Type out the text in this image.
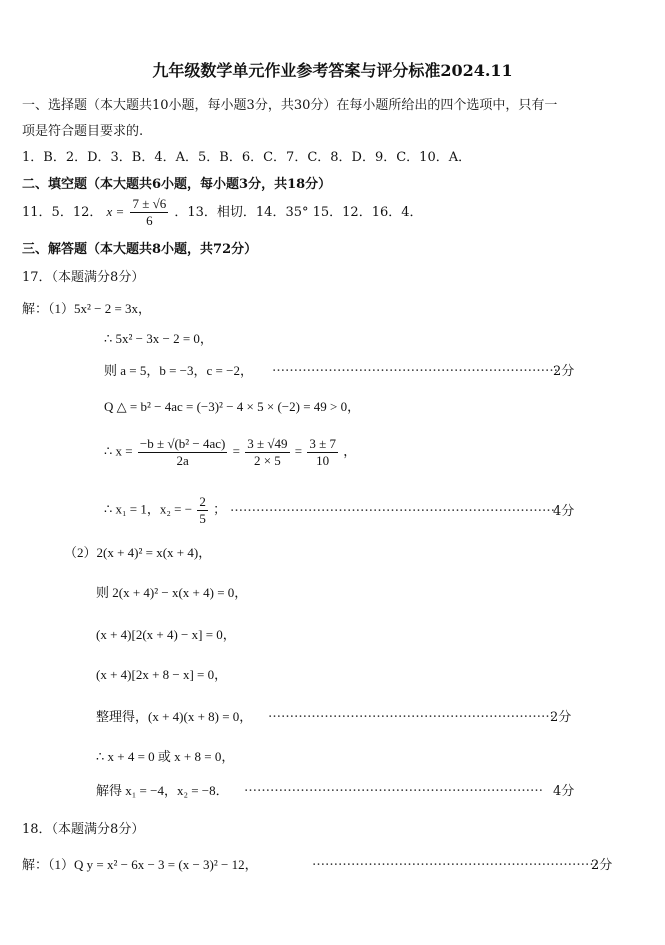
九年级数学单元作业参考答案与评分标准2024.11
一、选择题（本大题共10小题，每小题3分，共30分）在每小题所给出的四个选项中，只有一
项是符合题目要求的.
1．B．2．D．3．B．4．A．5．B．6．C．7．C．8．D．9．C．10．A．
二、填空题（本大题共6小题，每小题3分，共18分）
11．5．12． $x = \frac{7 \pm √6}{6}$ ．13．相切．14．35° 15．12．16．4．
三、解答题（本大题共8小题，共72分）
17．（本题满分8分）
解：（1）5x² − 2 = 3x，
∴ 5x² − 3x − 2 = 0，
则 a = 5，b = −3，c = −2， …………………………………………………………
2分
Q △ = b² − 4ac = (−3)² − 4 × 5 × (−2) = 49 > 0，
∴ $x = \frac{\text{−b ± √(b² − 4ac)}}{2a} = \frac{3 \pm √49}{2 \times 5} = \frac{3 \pm 7}{10}$ ，
∴ x₁ = 1，x₂ = − $\frac{2}{5}$ ； …………………………………………………………………
4分
（2）2(x + 4)² = x(x + 4)，
则 2(x + 4)² − x(x + 4) = 0，
(x + 4)[2(x + 4) − x] = 0，
(x + 4)[2x + 8 − x] = 0，
整理得，(x + 4)(x + 8) = 0， …………………………………………………………
2分
∴ x + 4 = 0 或 x + 8 = 0，
解得 x₁ = −4，x₂ = −8． …………………………………………………………… 4分
18．（本题满分8分）
解：（1）Q y = x² − 6x − 3 = (x − 3)² − 12，	…………………………………………………………
2分
